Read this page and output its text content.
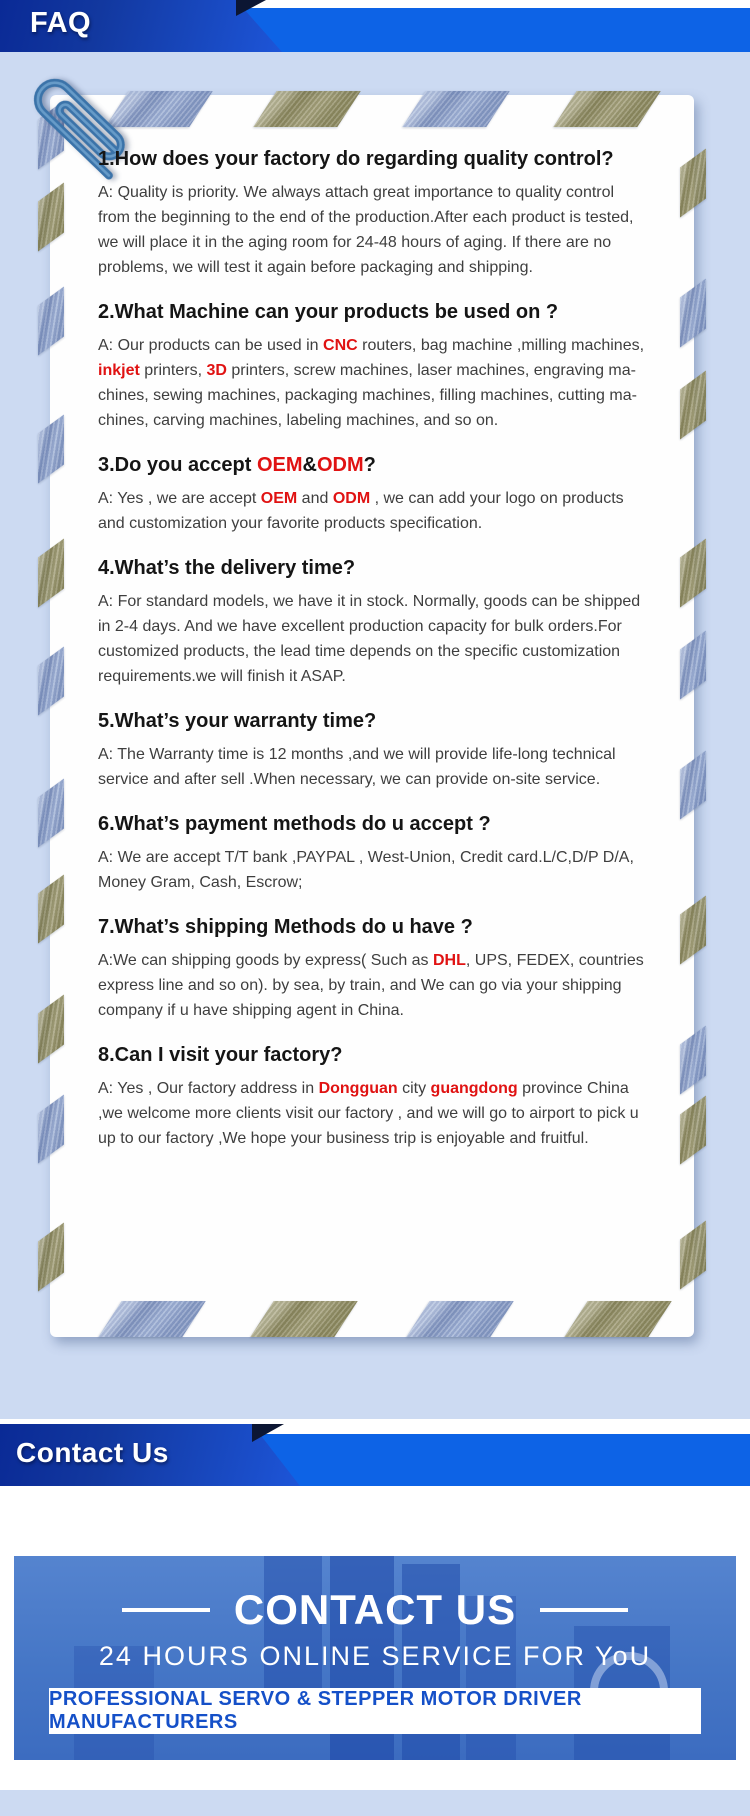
FAQ
1.How does your factory do regarding quality control?

A: Quality is priority. We always attach great importance to quality control from the beginning to the end of the production.After each product is tested, we will place it in the aging room for 24-48 hours of aging. If there are no problems, we will test it again before packaging and shipping.

2.What Machine can your products be used on ?

A: Our products can be used in CNC routers, bag machine ,milling machines, inkjet printers, 3D printers, screw machines, laser machines, engraving ma-chines, sewing machines, packaging machines, filling machines, cutting ma-chines, carving machines, labeling machines, and so on.

3.Do you accept OEM&ODM?

A: Yes , we are accept OEM and ODM , we can add your logo on products and customization your favorite products specification.

4.What’s the delivery time?

A: For standard models, we have it in stock. Normally, goods can be shipped in 2-4 days. And we have excellent production capacity for bulk orders.For customized products, the lead time depends on the specific customization requirements.we will finish it ASAP.

5.What’s your warranty time?

A: The Warranty time is 12 months ,and we will provide life-long technical service and after sell .When necessary, we can provide on-site service.

6.What’s payment methods do u accept ?

A: We are accept T/T bank ,PAYPAL , West-Union, Credit card.L/C,D/P D/A, Money Gram, Cash, Escrow;

7.What’s shipping Methods do u have ?

A:We can shipping goods by express( Such as DHL, UPS, FEDEX, countries express line and so on). by sea, by train, and We can go via your shipping company if u have shipping agent in China.

8.Can I visit your factory?

A: Yes , Our factory address in Dongguan city guangdong province China ,we welcome more clients visit our factory , and we will go to airport to pick u up to our factory ,We hope your business trip is enjoyable and fruitful.

Contact Us
CONTACT US
24 HOURS ONLINE SERVICE FOR YoU
PROFESSIONAL SERVO & STEPPER MOTOR DRIVER MANUFACTURERS
